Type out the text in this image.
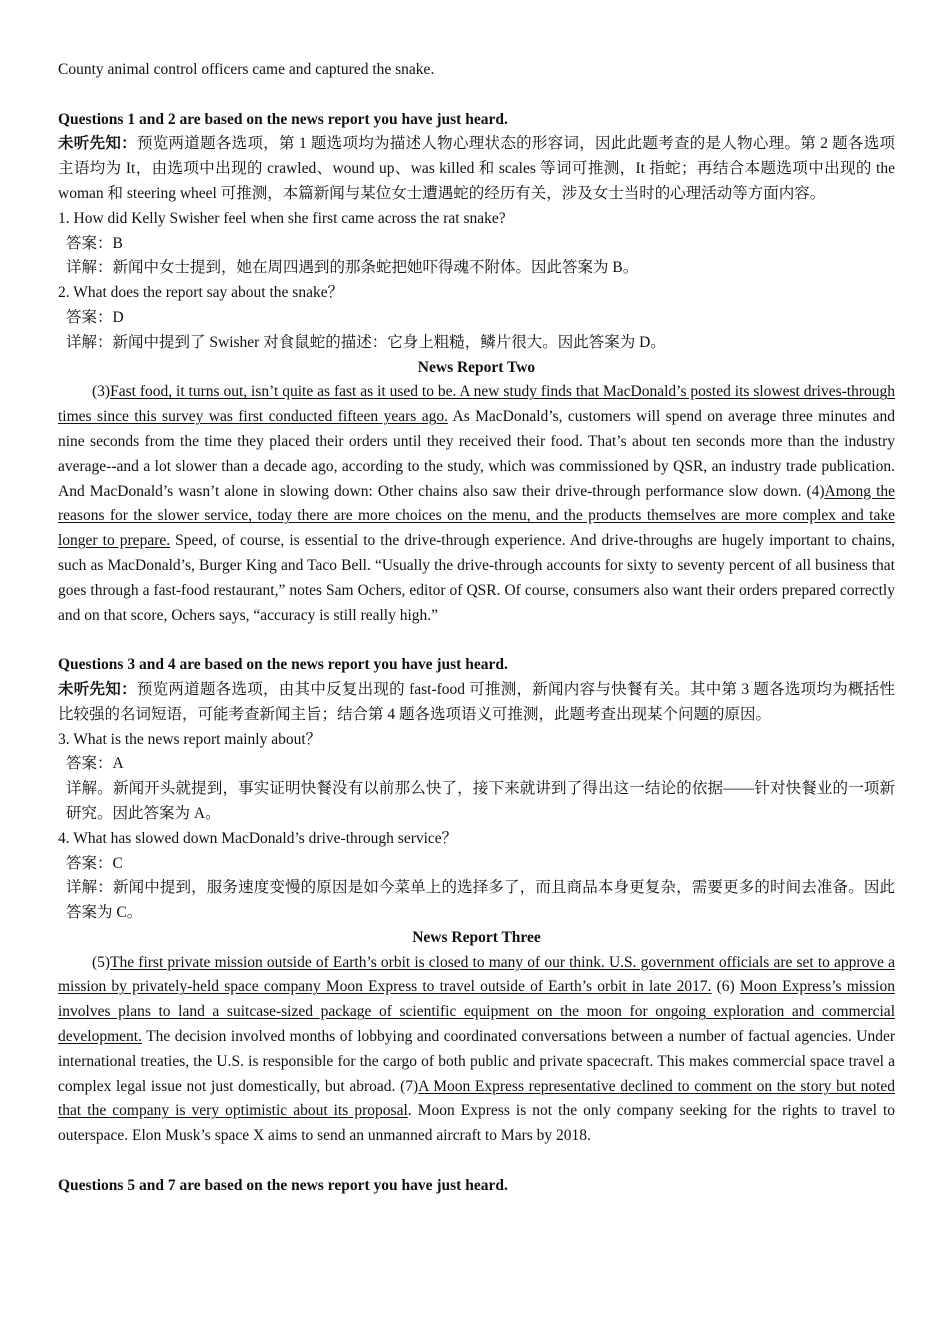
County animal control officers came and captured the snake.

Questions 1 and 2 are based on the news report you have just heard.

未听先知：预览两道题各选项，第 1 题选项均为描述人物心理状态的形容词，因此此题考查的是人物心理。第 2 题各选项主语均为 It，由选项中出现的 crawled、wound up、was killed 和 scales 等词可推测，It 指蛇；再结合本题选项中出现的 the woman 和 steering wheel 可推测，本篇新闻与某位女士遭遇蛇的经历有关，涉及女士当时的心理活动等方面内容。

1. How did Kelly Swisher feel when she first came across the rat snake?

答案：B

详解：新闻中女士提到，她在周四遇到的那条蛇把她吓得魂不附体。因此答案为 B。

2. What does the report say about the snake？

答案：D

详解：新闻中提到了 Swisher 对食鼠蛇的描述：它身上粗糙，鳞片很大。因此答案为 D。

News Report Two

(3)Fast food, it turns out, isn’t quite as fast as it used to be. A new study finds that MacDonald’s posted its slowest drives-through times since this survey was first conducted fifteen years ago. As MacDonald’s, customers will spend on average three minutes and nine seconds from the time they placed their orders until they received their food. That’s about ten seconds more than the industry average--and a lot slower than a decade ago, according to the study, which was commissioned by QSR, an industry trade publication. And MacDonald’s wasn’t alone in slowing down: Other chains also saw their drive-through performance slow down. (4)Among the reasons for the slower service, today there are more choices on the menu, and the products themselves are more complex and take longer to prepare. Speed, of course, is essential to the drive-through experience. And drive-throughs are hugely important to chains, such as MacDonald’s, Burger King and Taco Bell. “Usually the drive-through accounts for sixty to seventy percent of all business that goes through a fast-food restaurant,” notes Sam Ochers, editor of QSR. Of course, consumers also want their orders prepared correctly and on that score, Ochers says, “accuracy is still really high.”

Questions 3 and 4 are based on the news report you have just heard.

未听先知：预览两道题各选项，由其中反复出现的 fast-food 可推测，新闻内容与快餐有关。其中第 3 题各选项均为概括性比较强的名词短语，可能考查新闻主旨；结合第 4 题各选项语义可推测，此题考查出现某个问题的原因。

3. What is the news report mainly about？

答案：A

详解。新闻开头就提到，事实证明快餐没有以前那么快了，接下来就讲到了得出这一结论的依据——针对快餐业的一项新研究。因此答案为 A。

4. What has slowed down MacDonald’s drive-through service？

答案：C

详解：新闻中提到，服务速度变慢的原因是如今菜单上的选择多了，而且商品本身更复杂，需要更多的时间去准备。因此答案为 C。

News Report Three

(5)The first private mission outside of Earth’s orbit is closed to many of our think. U.S. government officials are set to approve a mission by privately-held space company Moon Express to travel outside of Earth’s orbit in late 2017. (6) Moon Express’s mission involves plans to land a suitcase-sized package of scientific equipment on the moon for ongoing exploration and commercial development. The decision involved months of lobbying and coordinated conversations between a number of factual agencies. Under international treaties, the U.S. is responsible for the cargo of both public and private spacecraft. This makes commercial space travel a complex legal issue not just domestically, but abroad. (7)A Moon Express representative declined to comment on the story but noted that the company is very optimistic about its proposal. Moon Express is not the only company seeking for the rights to travel to outerspace. Elon Musk’s space X aims to send an unmanned aircraft to Mars by 2018.

Questions 5 and 7 are based on the news report you have just heard.
